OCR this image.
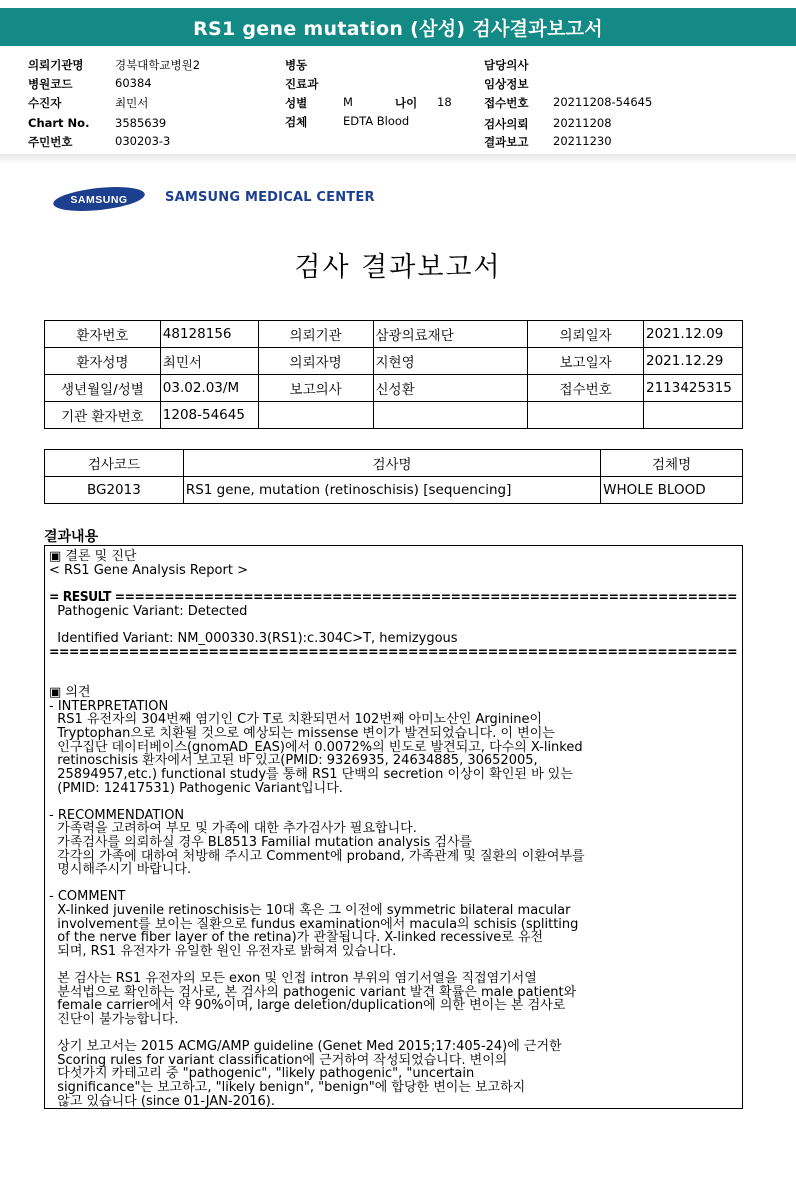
RS1 gene mutation (삼성) 검사결과보고서
의뢰기관명	경북대학교병원2
병원코드	60384
수진자	최민서
Chart No. 3585639
주민번호	030203-3
병동
진료과
성별	M	나이 18
검체	EDTA Blood
담당의사
임상정보
접수번호 20211208-54645
검사의뢰 20211208
결과보고 20211230
SAMSUNG	SAMSUNG MEDICAL CENTER
검사 결과보고서
환자번호	48128156	의뢰기관	삼광의료재단	의뢰일자	2021.12.09
환자성명	최민서	의뢰자명	지현영	보고일자	2021.12.29
생년월일/성별	03.02.03/M	보고의사	신성환	접수번호	2113425315
기관 환자번호	1208-54645				
검사코드	검사명	검체명
BG2013	RS1 gene, mutation (retinoschisis) [sequencing]	WHOLE BLOOD
결과내용
▣ 결론 및 진단
< RS1 Gene Analysis Report >
= RESULT ===============================================================
Pathogenic Variant: Detected
Identified Variant: NM_000330.3(RS1):c.304C>T, hemizygous
=====================================================================
▣ 의견
- INTERPRETATION
RS1 유전자의 304번째 염기인 C가 T로 치환되면서 102번째 아미노산인 Arginine이
Tryptophan으로 치환될 것으로 예상되는 missense 변이가 발견되었습니다. 이 변이는
인구집단 데이터베이스(gnomAD_EAS)에서 0.0072%의 빈도로 발견되고, 다수의 X-linked
retinoschisis 환자에서 보고된 바 있고(PMID: 9326935, 24634885, 30652005,
25894957,etc.) functional study를 통해 RS1 단백의 secretion 이상이 확인된 바 있는
(PMID: 12417531) Pathogenic Variant입니다.
- RECOMMENDATION
가족력을 고려하여 부모 및 가족에 대한 추가검사가 필요합니다.
가족검사를 의뢰하실 경우 BL8513 Familial mutation analysis 검사를
각각의 가족에 대하여 처방해 주시고 Comment에 proband, 가족관계 및 질환의 이환여부를
명시해주시기 바랍니다.
- COMMENT
X-linked juvenile retinoschisis는 10대 혹은 그 이전에 symmetric bilateral macular
involvement를 보이는 질환으로 fundus examination에서 macula의 schisis (splitting
of the nerve fiber layer of the retina)가 관찰됩니다. X-linked recessive로 유전
되며, RS1 유전자가 유일한 원인 유전자로 밝혀져 있습니다.
본 검사는 RS1 유전자의 모든 exon 및 인접 intron 부위의 염기서열을 직접염기서열
분석법으로 확인하는 검사로, 본 검사의 pathogenic variant 발견 확률은 male patient와
female carrier에서 약 90%이며, large deletion/duplication에 의한 변이는 본 검사로
진단이 불가능합니다.
상기 보고서는 2015 ACMG/AMP guideline (Genet Med 2015;17:405-24)에 근거한
Scoring rules for variant classification에 근거하여 작성되었습니다. 변이의
다섯가지 카테고리 중 "pathogenic", "likely pathogenic", "uncertain
significance"는 보고하고, "likely benign", "benign"에 합당한 변이는 보고하지
않고 있습니다 (since 01-JAN-2016).
